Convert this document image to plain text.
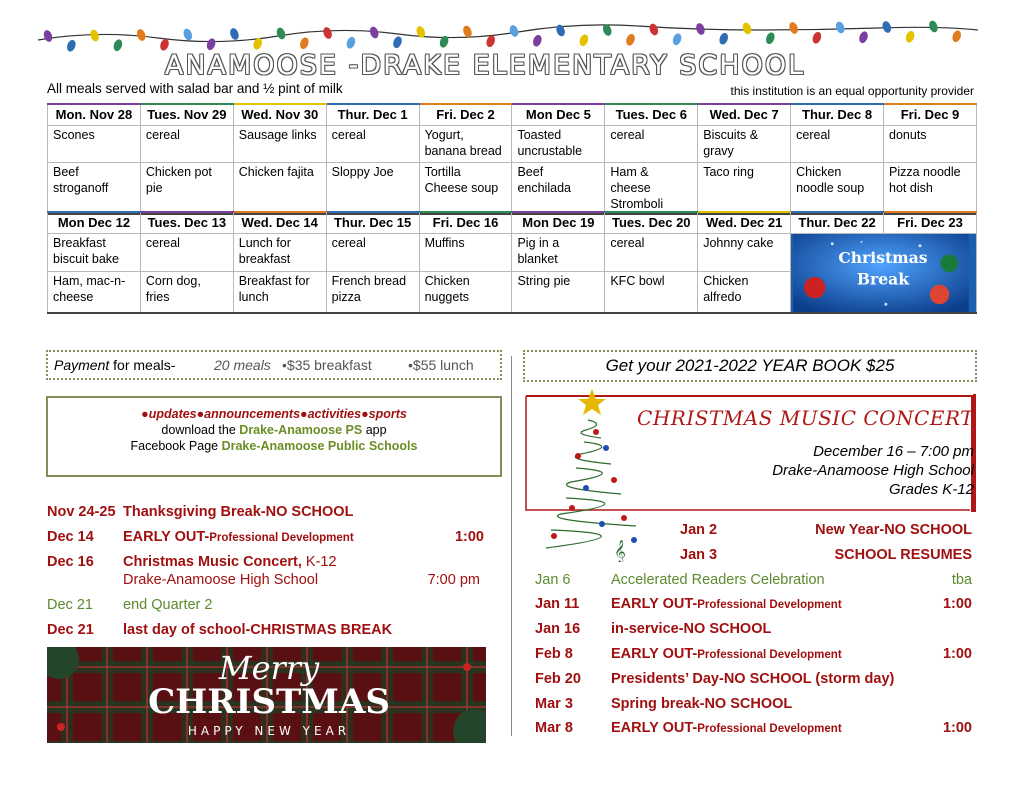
ANAMOOSE -DRAKE ELEMENTARY SCHOOL
All meals served with salad bar and ½ pint of milk	this institution is an equal opportunity provider
Mon. Nov 28	Tues. Nov 29	Wed. Nov 30	Thur. Dec 1	Fri. Dec 2	Mon Dec 5	Tues. Dec 6	Wed. Dec 7	Thur. Dec 8	Fri. Dec 9
Scones	cereal	Sausage links	cereal	Yogurt, banana bread	Toasted uncrustable	cereal	Biscuits & gravy	cereal	donuts
Beef stroganoff	Chicken pot pie	Chicken fajita	Sloppy Joe	Tortilla Cheese soup	Beef enchilada	Ham & cheese Stromboli	Taco ring	Chicken noodle soup	Pizza noodle hot dish
Mon Dec 12	Tues. Dec 13	Wed. Dec 14	Thur. Dec 15	Fri. Dec 16	Mon Dec 19	Tues. Dec 20	Wed. Dec 21	Thur. Dec 22	Fri. Dec 23
Breakfast biscuit bake	cereal	Lunch for breakfast	cereal	Muffins	Pig in a blanket	cereal	Johnny cake	Christmas
Break	

Ham, mac-n-cheese	Corn dog, fries	Breakfast for lunch	French bread pizza	Chicken nuggets	String pie	KFC bowl	Chicken alfredo		
Payment for meals-	20 meals •$35 breakfast	•$55 lunch	Get your 2021-2022 YEAR BOOK $25
●updates●announcements●activities●sports
download the Drake-Anamoose PS app
Facebook Page Drake-Anamoose Public Schools
Nov 24-25 Thanksgiving Break-NO SCHOOL
Dec 14 EARLY OUT-Professional Development	1:00
Dec 16 Christmas Music Concert, K-12
Drake-Anamoose High School	7:00 pm
Dec 21 end Quarter 2
Dec 21 last day of school-CHRISTMAS BREAK
Merry
CHRISTMAS
HAPPY NEW YEAR
𝄞
CHRISTMAS MUSIC CONCERT
December 16 – 7:00 pm
Drake-Anamoose High School
Grades K-12
Jan 2	New Year-NO SCHOOL
Jan 3	SCHOOL RESUMES
Jan 6	Accelerated Readers Celebration	tba
Jan 11 EARLY OUT-Professional Development	1:00
Jan 16 in-service-NO SCHOOL
Feb 8	EARLY OUT-Professional Development	1:00
Feb 20 Presidents’ Day-NO SCHOOL (storm day)
Mar 3	Spring break-NO SCHOOL
Mar 8	EARLY OUT-Professional Development	1:00
